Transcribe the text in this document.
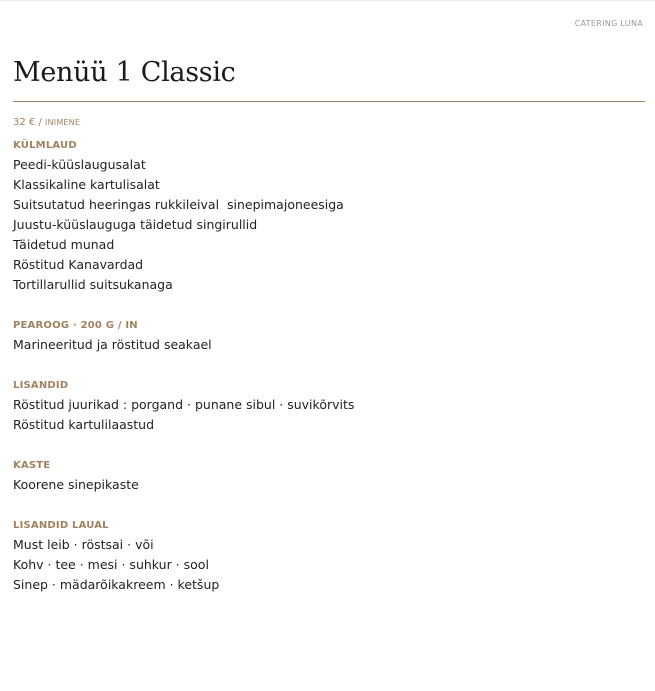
CATERING LUNA
Menüü 1 Classic
32 € / INIMENE
KÜLMLAUD
Peedi-küüslaugusalat
Klassikaline kartulisalat
Suitsutatud heeringas rukkileival  sinepimajoneesiga
Juustu-küüslauguga täidetud singirullid
Täidetud munad
Röstitud Kanavardad
Tortillarullid suitsukanaga
PEAROOG · 200 G / IN
Marineeritud ja röstitud seakael
LISANDID
Röstitud juurikad : porgand · punane sibul · suvikõrvits
Röstitud kartulilaastud
KASTE
Koorene sinepikaste
LISANDID LAUAL
Must leib · röstsai · või
Kohv · tee · mesi · suhkur · sool
Sinep · mädarõikakreem · ketšup
